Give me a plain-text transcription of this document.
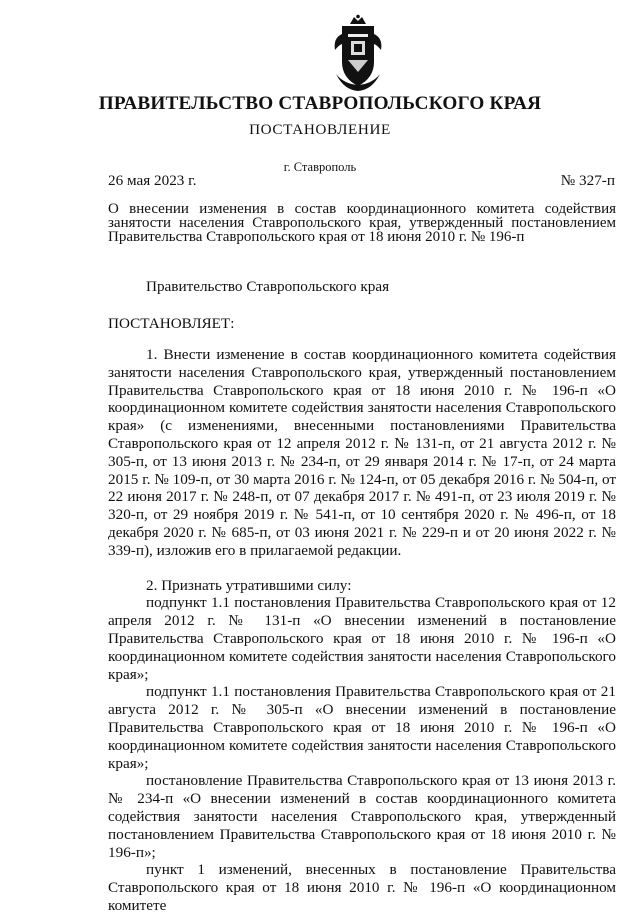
ПРАВИТЕЛЬСТВО СТАВРОПОЛЬСКОГО КРАЯ
ПОСТАНОВЛЕНИЕ
г. Ставрополь
26 мая 2023 г.	№ 327-п
О внесении изменения в состав координационного комитета содействия занятости населения Ставропольского края, утвержденный постановлением Правительства Ставропольского края от 18 июня 2010 г. № 196-п
Правительство Ставропольского края
ПОСТАНОВЛЯЕТ:

1. Внести изменение в состав координационного комитета содействия занятости населения Ставропольского края, утвержденный постановлением Правительства Ставропольского края от 18 июня 2010 г. № 196-п «О координационном комитете содействия занятости населения Ставропольского края» (с изменениями, внесенными постановлениями Правительства Ставропольского края от 12 апреля 2012 г. № 131-п, от 21 августа 2012 г. № 305-п, от 13 июня 2013 г. № 234-п, от 29 января 2014 г. № 17-п, от 24 марта 2015 г. № 109-п, от 30 марта 2016 г. № 124-п, от 05 декабря 2016 г. № 504-п, от 22 июня 2017 г. № 248-п, от 07 декабря 2017 г. № 491-п, от 23 июля 2019 г. № 320-п, от 29 ноября 2019 г. № 541-п, от 10 сентября 2020 г. № 496-п, от 18 декабря 2020 г. № 685-п, от 03 июня 2021 г. № 229-п и от 20 июня 2022 г. № 339-п), изложив его в прилагаемой редакции.

2. Признать утратившими силу:

подпункт 1.1 постановления Правительства Ставропольского края от 12 апреля 2012 г. № 131-п «О внесении изменений в постановление Правительства Ставропольского края от 18 июня 2010 г. № 196-п «О координационном комитете содействия занятости населения Ставропольского края»;

подпункт 1.1 постановления Правительства Ставропольского края от 21 августа 2012 г. № 305-п «О внесении изменений в постановление Правительства Ставропольского края от 18 июня 2010 г. № 196-п «О координационном комитете содействия занятости населения Ставропольского края»;

постановление Правительства Ставропольского края от 13 июня 2013 г. № 234-п «О внесении изменений в состав координационного комитета содействия занятости населения Ставропольского края, утвержденный постановлением Правительства Ставропольского края от 18 июня 2010 г. № 196-п»;

пункт 1 изменений, внесенных в постановление Правительства Ставропольского края от 18 июня 2010 г. № 196-п «О координационном комитете
